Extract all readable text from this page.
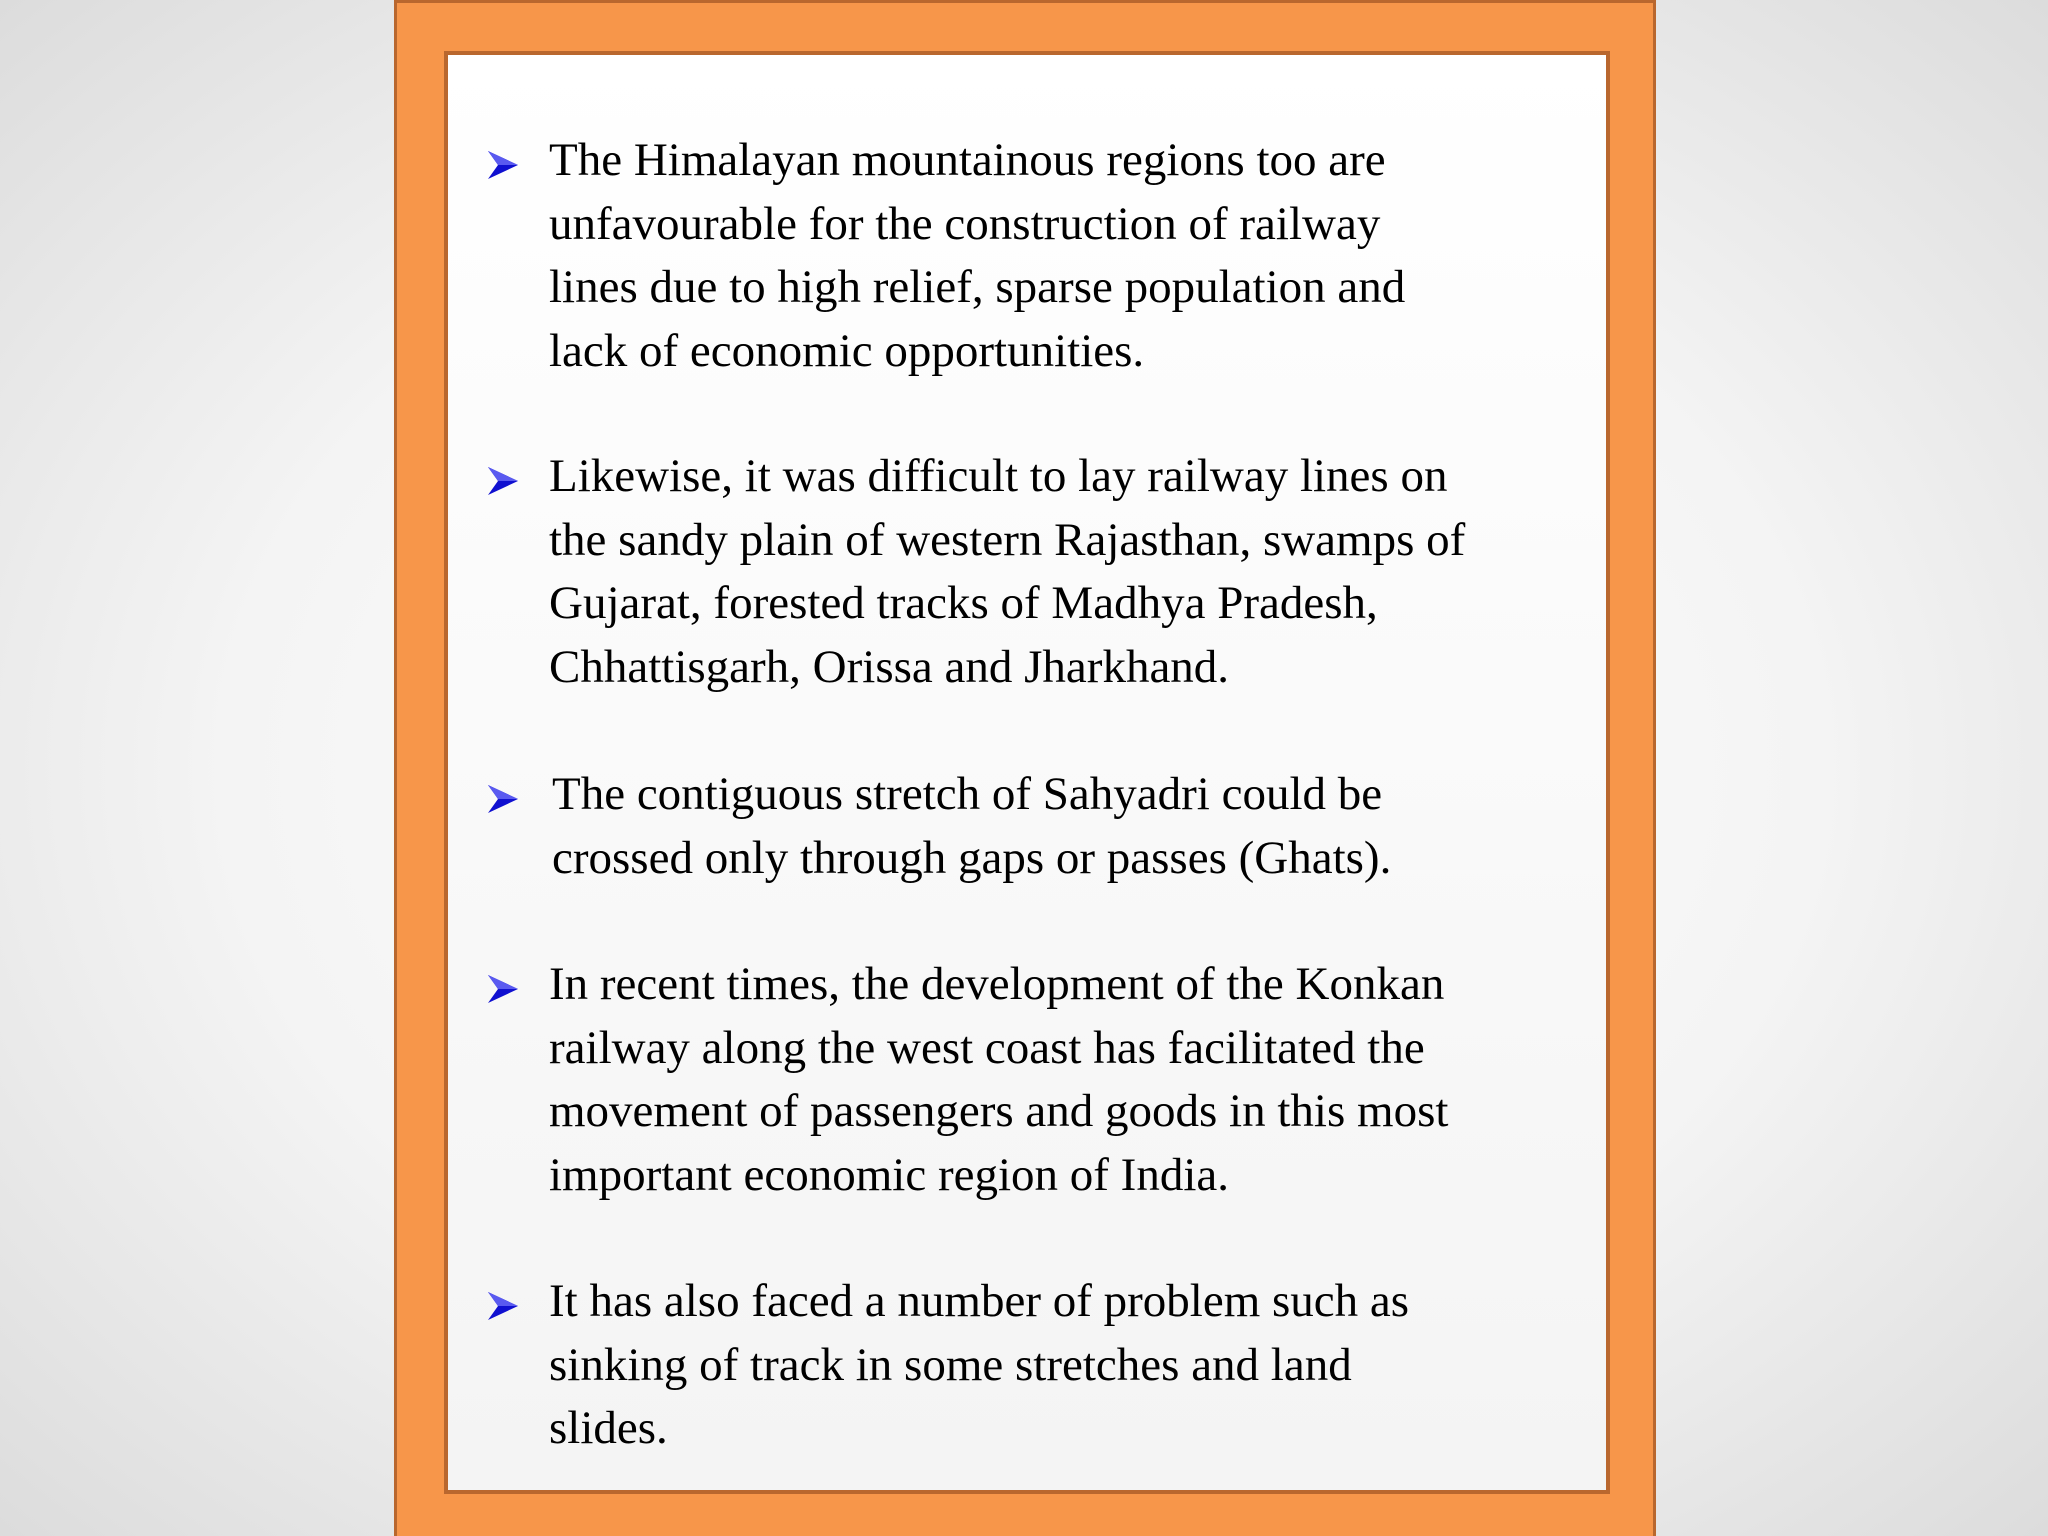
The Himalayan mountainous regions too are
unfavourable for the construction of railway
lines due to high relief, sparse population and
lack of economic opportunities.

Likewise, it was difficult to lay railway lines on
the sandy plain of western Rajasthan, swamps of
Gujarat, forested tracks of Madhya Pradesh,
Chhattisgarh, Orissa and Jharkhand.

The contiguous stretch of Sahyadri could be
crossed only through gaps or passes (Ghats).

In recent times, the development of the Konkan
railway along the west coast has facilitated the
movement of passengers and goods in this most
important economic region of India.

It has also faced a number of problem such as
sinking of track in some stretches and land
slides.
